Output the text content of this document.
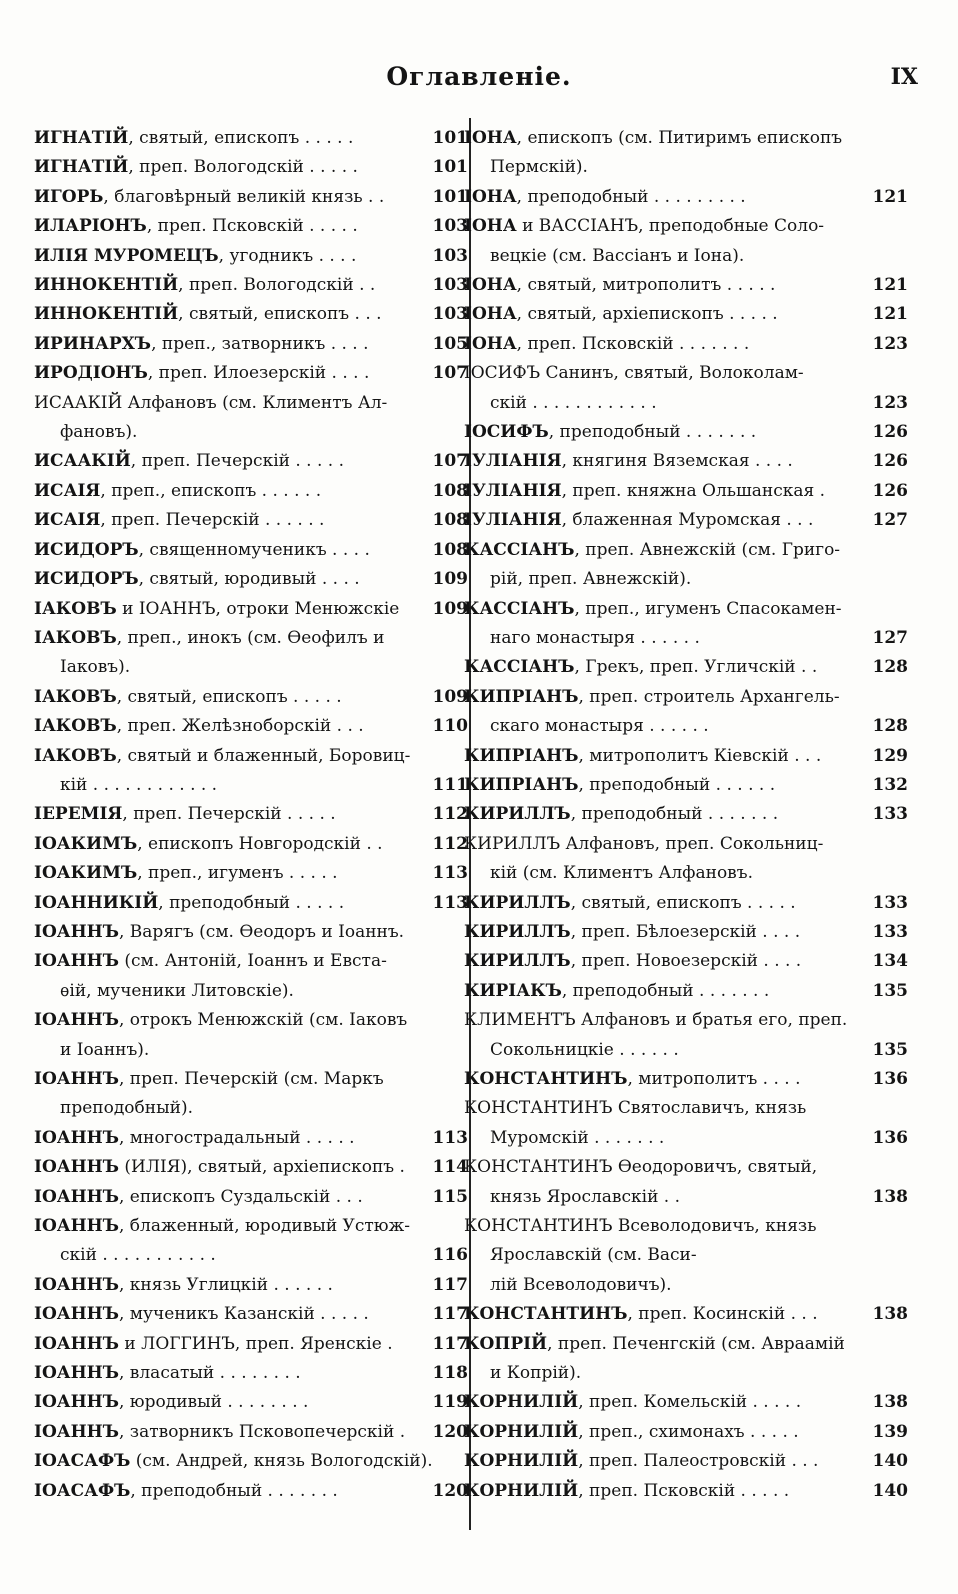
Оглавленіе.	IX
ИГНАТІЙ, святый, епископъ . . . . .	101
ИГНАТІЙ, преп. Вологодскій . . . . .	101
ИГОРЬ, благовѣрный великій князь . .	101
ИЛАРІОНЪ, преп. Псковскій . . . . .	103
ИЛІЯ МУРОМЕЦЪ, угодникъ . . . .	103
ИННОКЕНТІЙ, преп. Вологодскій . .	103
ИННОКЕНТІЙ, святый, епископъ . . .	103
ИРИНАРХЪ, преп., затворникъ . . . .	105
ИРОДІОНЪ, преп. Илоезерскій . . . .	107
ИСААКІЙ Алфановъ (см. Климентъ Ал-
фановъ).
ИСААКІЙ, преп. Печерскій . . . . .	107
ИСАІЯ, преп., епископъ . . . . . .	108
ИСАІЯ, преп. Печерскій . . . . . .	108
ИСИДОРЪ, священномученикъ . . . .	108
ИСИДОРЪ, святый, юродивый . . . .	109
ІАКОВЪ и ІОАННЪ, отроки Менюжскіе	109
ІАКОВЪ, преп., инокъ (см. Ѳеофилъ и
Іаковъ).
ІАКОВЪ, святый, епископъ . . . . .	109
ІАКОВЪ, преп. Желѣзноборскій . . .	110
ІАКОВЪ, святый и блаженный, Боровиц-
кій . . . . . . . . . . . .	111
ІЕРЕМІЯ, преп. Печерскій . . . . .	112
ІОАКИМЪ, епископъ Новгородскій . .	112
ІОАКИМЪ, преп., игуменъ . . . . .	113
ІОАННИКІЙ, преподобный . . . . .	113
ІОАННЪ, Варягъ (см. Ѳеодоръ и Іоаннъ.
ІОАННЪ (см. Антоній, Іоаннъ и Евста-
ѳій, мученики Литовскіе).
ІОАННЪ, отрокъ Менюжскій (см. Іаковъ
и Іоаннъ).
ІОАННЪ, преп. Печерскій (см. Маркъ
преподобный).
ІОАННЪ, многострадальный . . . . .	113
ІОАННЪ (ИЛІЯ), святый, архіепископъ .	114
ІОАННЪ, епископъ Суздальскій . . .	115
ІОАННЪ, блаженный, юродивый Устюж-
скій . . . . . . . . . . .	116
ІОАННЪ, князь Углицкій . . . . . .	117
ІОАННЪ, мученикъ Казанскій . . . . .	117
ІОАННЪ и ЛОГГИНЪ, преп. Яренскіе .	117
ІОАННЪ, власатый . . . . . . . .	118
ІОАННЪ, юродивый . . . . . . . .	119
ІОАННЪ, затворникъ Псковопечерскій .	120
ІОАСАФЪ (см. Андрей, князь Вологодскій).
ІОАСАФЪ, преподобный . . . . . . .	120
ІОНА, епископъ (см. Питиримъ епископъ
Пермскій).
ІОНА, преподобный . . . . . . . . .	121
ІОНА и ВАССІАНЪ, преподобные Соло-
вецкіе (см. Вассіанъ и Іона).
ІОНА, святый, митрополитъ . . . . .	121
ІОНА, святый, архіепископъ . . . . .	121
ІОНА, преп. Псковскій . . . . . . .	123
ІОСИФЪ Санинъ, святый, Волоколам-
скій . . . . . . . . . . . .	123
ІОСИФЪ, преподобный . . . . . . .	126
ІУЛІАНІЯ, княгиня Вяземская . . . .	126
ІУЛІАНІЯ, преп. княжна Ольшанская .	126
ІУЛІАНІЯ, блаженная Муромская . . .	127
КАССІАНЪ, преп. Авнежскій (см. Григо-
рій, преп. Авнежскій).
КАССІАНЪ, преп., игуменъ Спасокамен-
наго монастыря . . . . . .	127
КАССІАНЪ, Грекъ, преп. Угличскій . .	128
КИПРІАНЪ, преп. строитель Архангель-
скаго монастыря . . . . . .	128
КИПРІАНЪ, митрополитъ Кіевскій . . .	129
КИПРІАНЪ, преподобный . . . . . .	132
КИРИЛЛЪ, преподобный . . . . . . .	133
КИРИЛЛЪ Алфановъ, преп. Сокольниц-
кій (см. Климентъ Алфановъ.
КИРИЛЛЪ, святый, епископъ . . . . .	133
КИРИЛЛЪ, преп. Бѣлоезерскій . . . .	133
КИРИЛЛЪ, преп. Новоезерскій . . . .	134
КИРІАКЪ, преподобный . . . . . . .	135
КЛИМЕНТЪ Алфановъ и братья его, преп.
Сокольницкіе . . . . . .	135
КОНСТАНТИНЪ, митрополитъ . . . .	136
КОНСТАНТИНЪ Святославичъ, князь
Муромскій . . . . . . .	136
КОНСТАНТИНЪ Ѳеодоровичъ, святый,
князь Ярославскій . .	138
КОНСТАНТИНЪ Всеволодовичъ, князь
Ярославскій (см. Васи-
лій Всеволодовичъ).
КОНСТАНТИНЪ, преп. Косинскій . . .	138
КОПРІЙ, преп. Печенгскій (см. Авраамій
и Копрій).
КОРНИЛІЙ, преп. Комельскій . . . . .	138
КОРНИЛІЙ, преп., схимонахъ . . . . .	139
КОРНИЛІЙ, преп. Палеостровскій . . .	140
КОРНИЛІЙ, преп. Псковскій . . . . .	140
